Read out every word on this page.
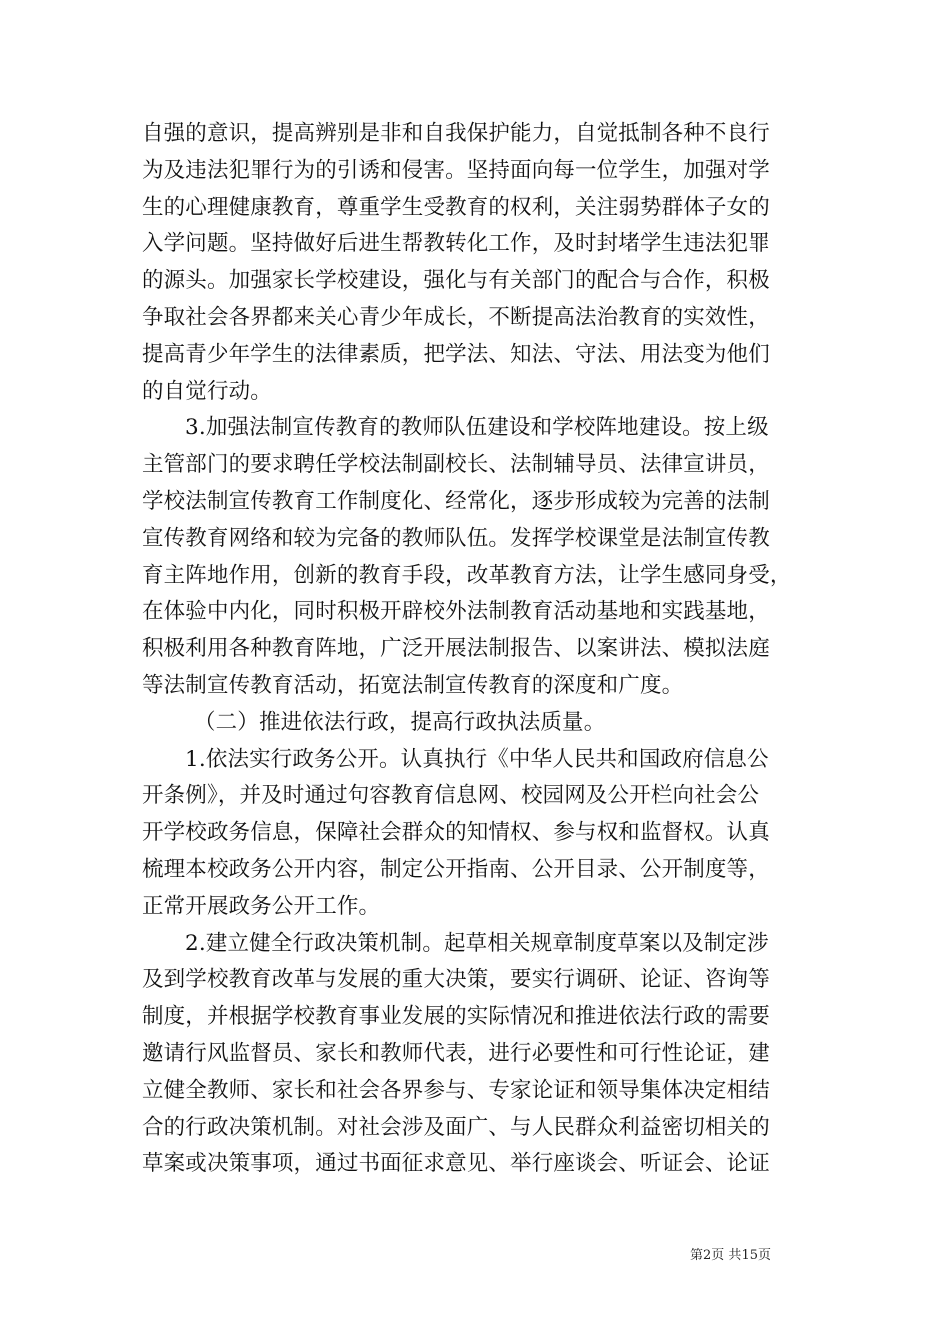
自强的意识，提高辨别是非和自我保护能力，自觉抵制各种不良行
为及违法犯罪行为的引诱和侵害。坚持面向每一位学生，加强对学
生的心理健康教育，尊重学生受教育的权利，关注弱势群体子女的
入学问题。坚持做好后进生帮教转化工作，及时封堵学生违法犯罪
的源头。加强家长学校建设，强化与有关部门的配合与合作，积极
争取社会各界都来关心青少年成长，不断提高法治教育的实效性，
提高青少年学生的法律素质，把学法、知法、守法、用法变为他们
的自觉行动。
3.加强法制宣传教育的教师队伍建设和学校阵地建设。按上级
主管部门的要求聘任学校法制副校长、法制辅导员、法律宣讲员，
学校法制宣传教育工作制度化、经常化，逐步形成较为完善的法制
宣传教育网络和较为完备的教师队伍。发挥学校课堂是法制宣传教
育主阵地作用，创新的教育手段，改革教育方法，让学生感同身受，
在体验中内化，同时积极开辟校外法制教育活动基地和实践基地，
积极利用各种教育阵地，广泛开展法制报告、以案讲法、模拟法庭
等法制宣传教育活动，拓宽法制宣传教育的深度和广度。
（二）推进依法行政，提高行政执法质量。
1.依法实行政务公开。认真执行《中华人民共和国政府信息公
开条例》，并及时通过句容教育信息网、校园网及公开栏向社会公
开学校政务信息，保障社会群众的知情权、参与权和监督权。认真
梳理本校政务公开内容，制定公开指南、公开目录、公开制度等，
正常开展政务公开工作。
2.建立健全行政决策机制。起草相关规章制度草案以及制定涉
及到学校教育改革与发展的重大决策，要实行调研、论证、咨询等
制度，并根据学校教育事业发展的实际情况和推进依法行政的需要
邀请行风监督员、家长和教师代表，进行必要性和可行性论证，建
立健全教师、家长和社会各界参与、专家论证和领导集体决定相结
合的行政决策机制。对社会涉及面广、与人民群众利益密切相关的
草案或决策事项，通过书面征求意见、举行座谈会、听证会、论证
第2页 共15页
